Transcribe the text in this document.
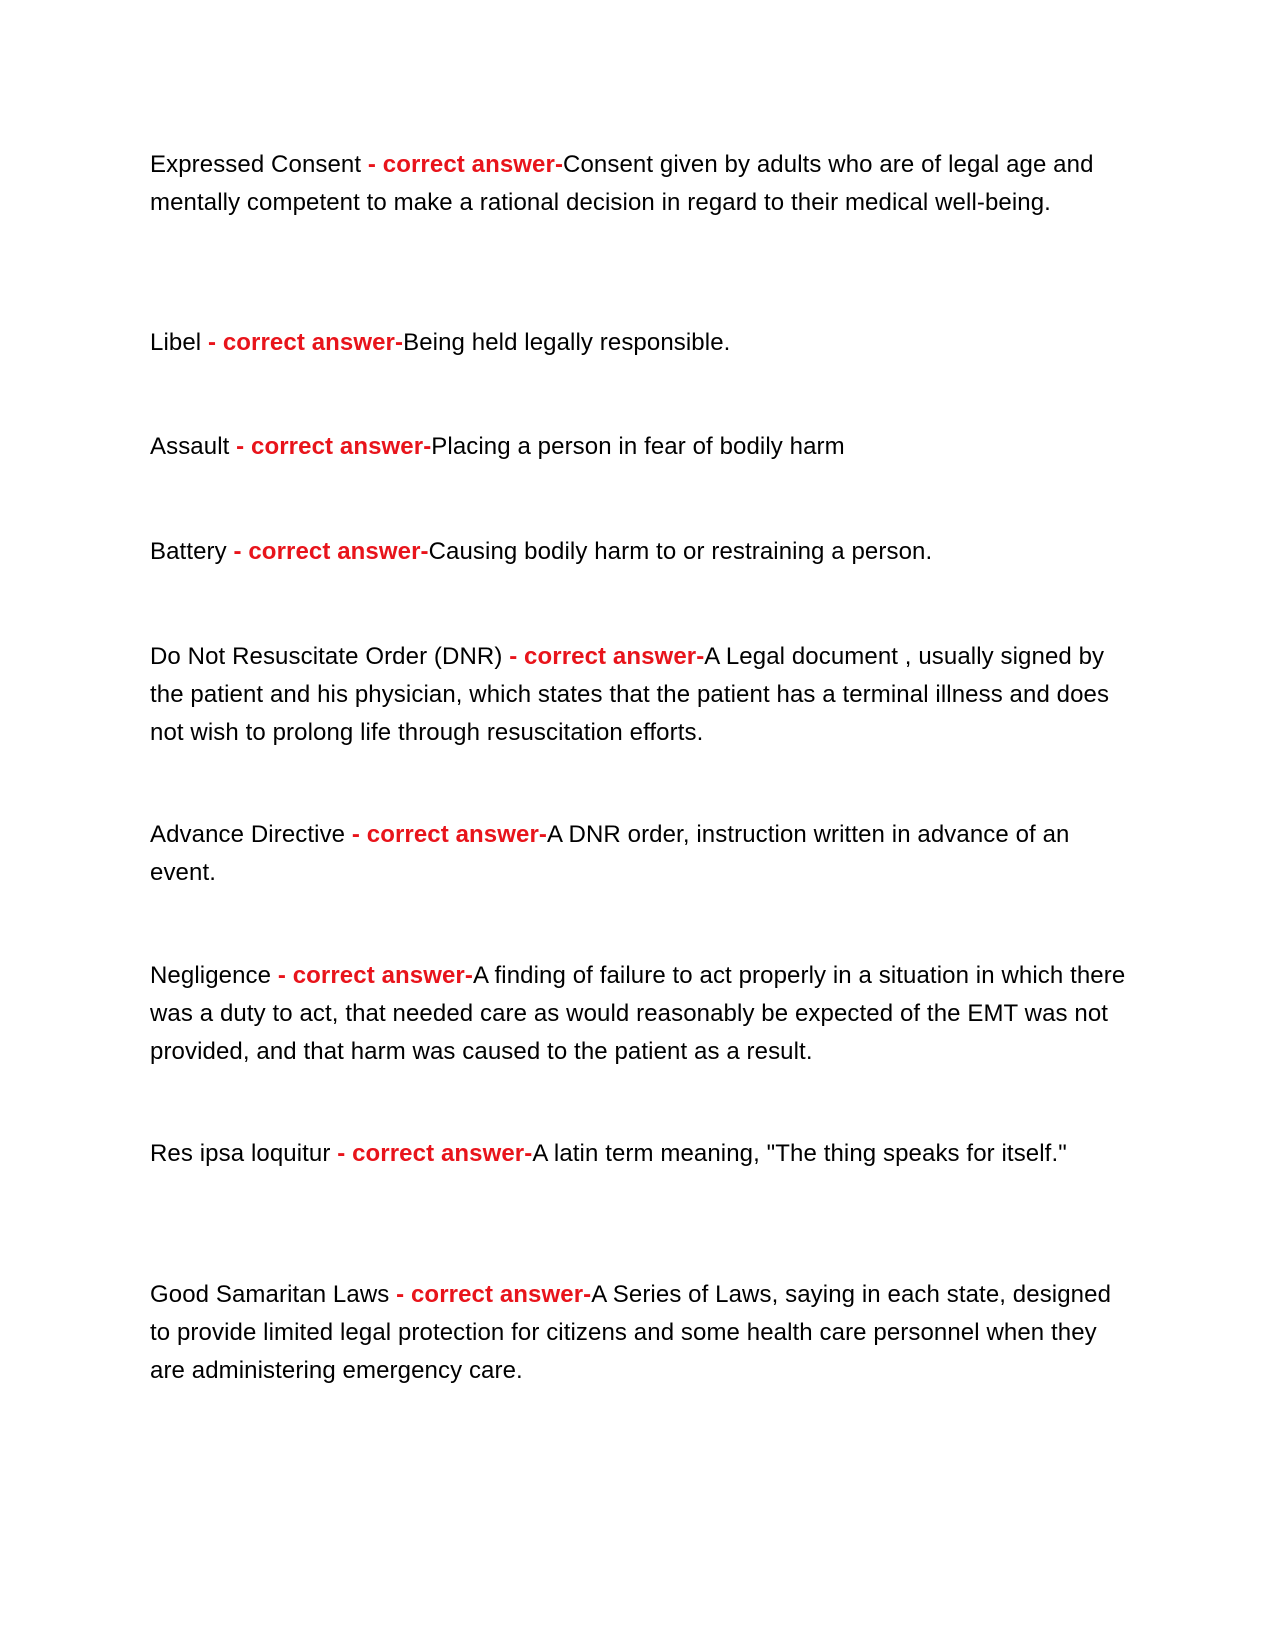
Expressed Consent - correct answer-Consent given by adults who are of legal age and mentally competent to make a rational decision in regard to their medical well-being.

Libel - correct answer-Being held legally responsible.

Assault - correct answer-Placing a person in fear of bodily harm

Battery - correct answer-Causing bodily harm to or restraining a person.

Do Not Resuscitate Order (DNR) - correct answer-A Legal document , usually signed by the patient and his physician, which states that the patient has a terminal illness and does not wish to prolong life through resuscitation efforts.

Advance Directive - correct answer-A DNR order, instruction written in advance of an event.

Negligence - correct answer-A finding of failure to act properly in a situation in which there was a duty to act, that needed care as would reasonably be expected of the EMT was not provided, and that harm was caused to the patient as a result.

Res ipsa loquitur - correct answer-A latin term meaning, "The thing speaks for itself."

Good Samaritan Laws - correct answer-A Series of Laws, saying in each state, designed to provide limited legal protection for citizens and some health care personnel when they are administering emergency care.
